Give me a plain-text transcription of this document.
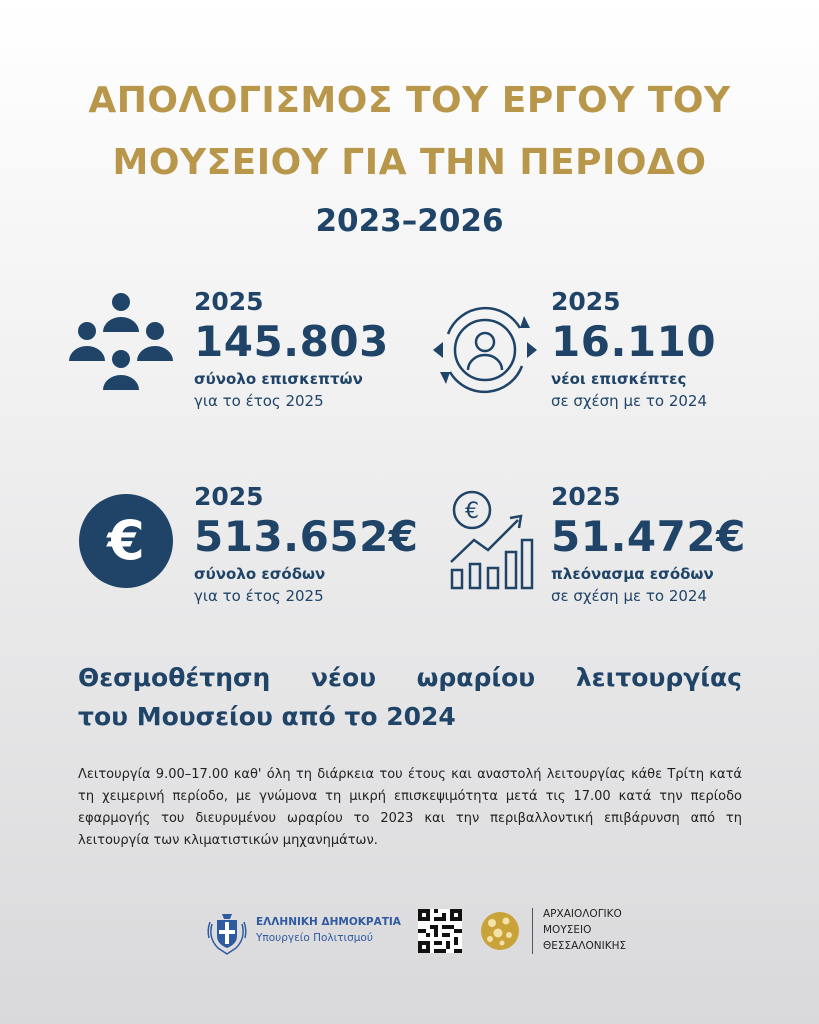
ΑΠΟΛΟΓΙΣΜΟΣ ΤΟΥ ΕΡΓΟΥ ΤΟΥ
ΜΟΥΣΕΙΟΥ ΓΙΑ ΤΗΝ ΠΕΡΙΟΔΟ
2023–2026
2025
145.803
σύνολο επισκεπτών
για το έτος 2025
2025
16.110
νέοι επισκέπτες
σε σχέση με το 2024
€
2025
513.652€
σύνολο εσόδων
για το έτος 2025
€
2025
51.472€
πλεόνασμα εσόδων
σε σχέση με το 2024
Θεσμοθέτηση νέου ωραρίου λειτουργίας
του Μουσείου από το 2024
Λειτουργία 9.00–17.00 καθ' όλη τη διάρκεια του έτους και αναστολή λειτουργίας κάθε Τρίτη κατά τη χειμερινή περίοδο, με γνώμονα τη μικρή επισκεψιμότητα μετά τις 17.00 κατά την περίοδο εφαρμογής του διευρυμένου ωραρίου το 2023 και την περιβαλλοντική επιβάρυνση από τη λειτουργία των κλιματιστικών μηχανημάτων.
ΕΛΛΗΝΙΚΗ ΔΗΜΟΚΡΑΤΙΑ
Υπουργείο Πολιτισμού
ΑΡΧΑΙΟΛΟΓΙΚΟ
ΜΟΥΣΕΙΟ
ΘΕΣΣΑΛΟΝΙΚΗΣ
